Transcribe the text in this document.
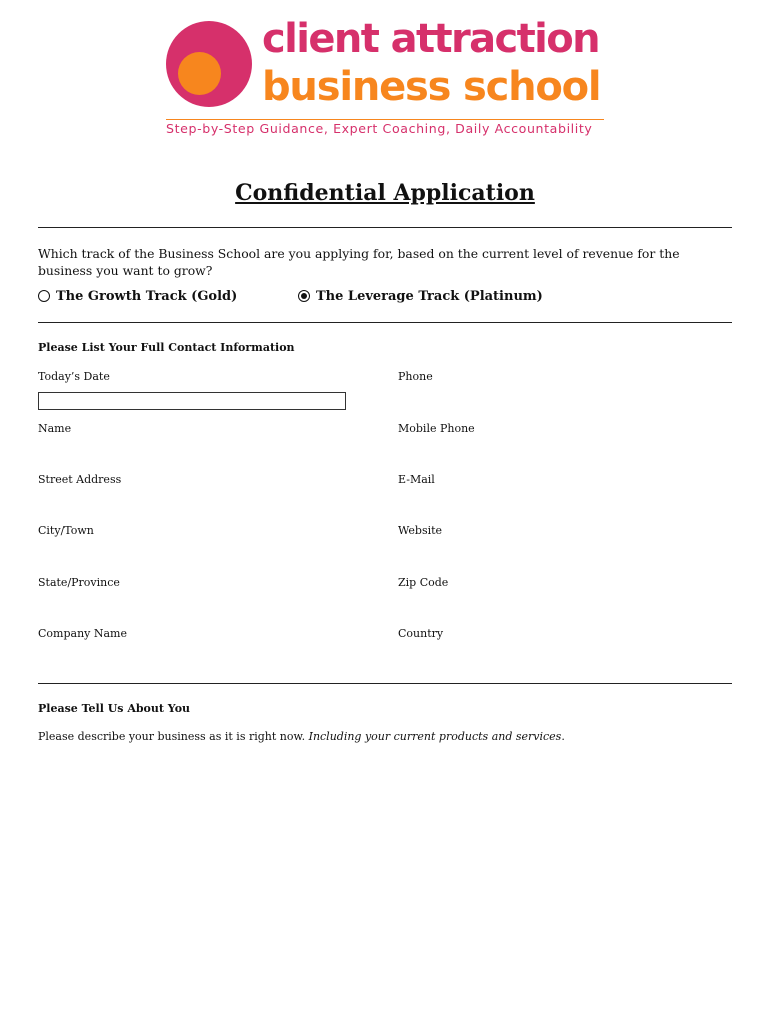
client attraction
business school
Step-by-Step Guidance, Expert Coaching, Daily Accountability
Confidential Application
Which track of the Business School are you applying for, based on the current level of revenue for the business you want to grow?
The Growth Track (Gold)	The Leverage Track (Platinum)
Please List Your Full Contact Information
Today’s Date	Phone
Name	Mobile Phone
Street Address	E-Mail
City/Town	Website
State/Province	Zip Code
Company Name	Country
Please Tell Us About You
Please describe your business as it is right now. Including your current products and services.
